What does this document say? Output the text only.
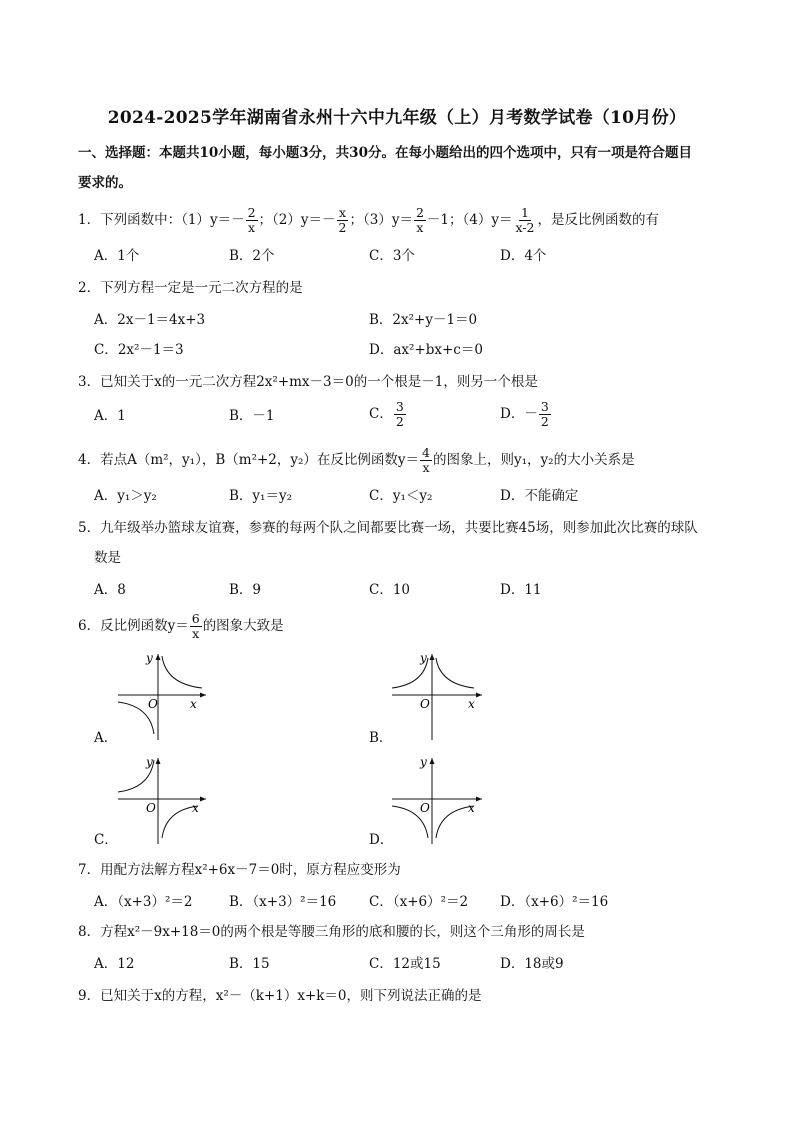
2024-2025学年湖南省永州十六中九年级（上）月考数学试卷（10月份）
一、选择题：本题共10小题，每小题3分，共30分。在每小题给出的四个选项中，只有一项是符合题目
要求的。
1．下列函数中：$(1)y=- \frac{2}{x}$ ；$(2)y=- \frac{x}{2}$ ；$(3)y= \frac{2}{x} -1$；$(4)y= \frac{1}{x-2}$ ，是反比例函数的有
A．1个	B．2个	C．3个	D．4个
2．下列方程一定是一元二次方程的是
A．2x－1＝4x+3	B．2x²+y－1＝0
C．2x²－1＝3	D．ax²+bx+c＝0
3．已知关于x的一元二次方程2x²+mx－3＝0的一个根是－1，则另一个根是
A．1	B．－1	C． $\frac{3}{2}$	D．－ $\frac{3}{2}$
4．若点A（m²，y₁），B（m²+2，y₂）在反比例函数$y= \frac{4}{x}$ 的图象上，则y₁，y₂的大小关系是
A．y₁＞y₂	B．y₁＝y₂	C．y₁＜y₂	D．不能确定
5．九年级举办篮球友谊赛，参赛的每两个队之间都要比赛一场，共要比赛45场，则参加此次比赛的球队
数是
A．8	B．9	C．10	D．11
6．反比例函数$y= \frac{6}{x}$ 的图象大致是
y
x
O
A．
y
x
O
B．
y
x
O
C．
y
x
O
D．
7．用配方法解方程x²+6x－7＝0时，原方程应变形为
A．（x+3）²＝2	B．（x+3）²＝16 C．（x+6）²＝2 D．（x+6）²＝16
8．方程x²－9x+18＝0的两个根是等腰三角形的底和腰的长，则这个三角形的周长是
A．12	B．15	C．12或15	D．18或9
9．已知关于x的方程，x²－（k+1）x+k＝0，则下列说法正确的是
